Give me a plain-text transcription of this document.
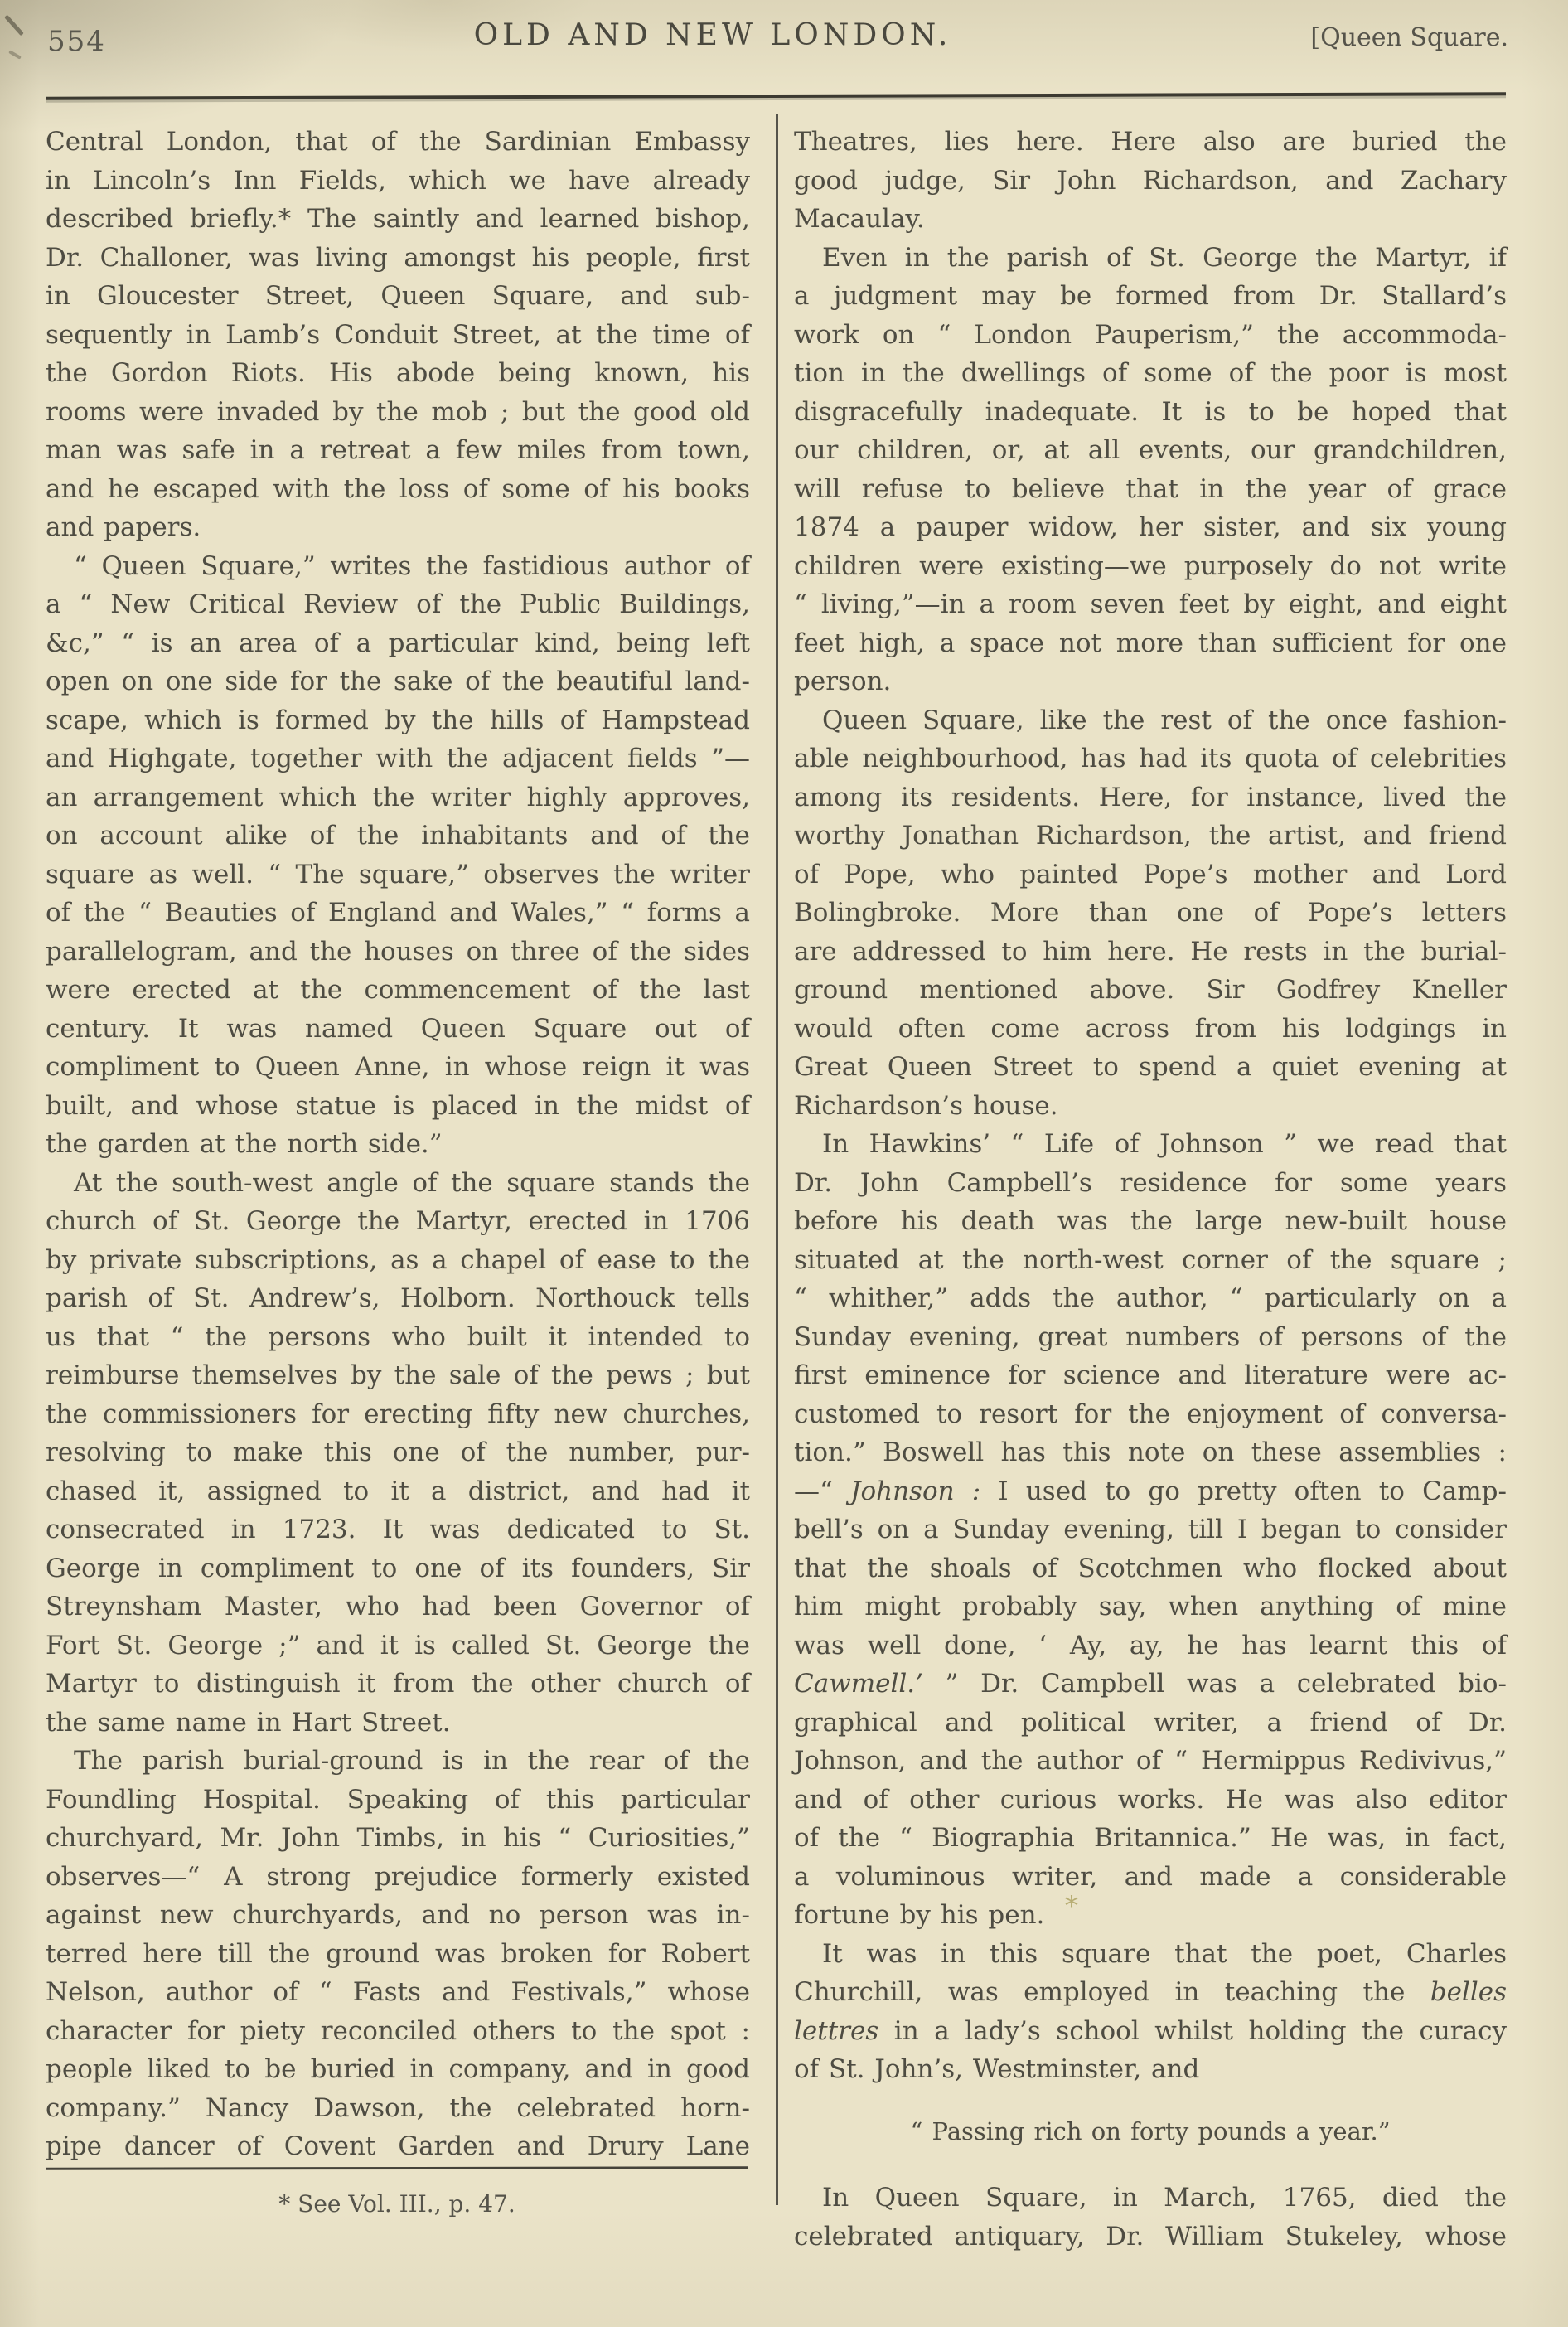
554	OLD AND NEW LONDON.	[Queen Square.
Central London, that of the Sardinian Embassy
in Lincoln’s Inn Fields, which we have already
described briefly.* The saintly and learned bishop,
Dr. Challoner, was living amongst his people, first
in Gloucester Street, Queen Square, and sub-
sequently in Lamb’s Conduit Street, at the time of
the Gordon Riots. His abode being known, his
rooms were invaded by the mob ; but the good old
man was safe in a retreat a few miles from town,
and he escaped with the loss of some of his books
and papers.
“ Queen Square,” writes the fastidious author of
a “ New Critical Review of the Public Buildings,
&c,” “ is an area of a particular kind, being left
open on one side for the sake of the beautiful land-
scape, which is formed by the hills of Hampstead
and Highgate, together with the adjacent fields ”—
an arrangement which the writer highly approves,
on account alike of the inhabitants and of the
square as well. “ The square,” observes the writer
of the “ Beauties of England and Wales,” “ forms a
parallelogram, and the houses on three of the sides
were erected at the commencement of the last
century. It was named Queen Square out of
compliment to Queen Anne, in whose reign it was
built, and whose statue is placed in the midst of
the garden at the north side.”
At the south-west angle of the square stands the
church of St. George the Martyr, erected in 1706
by private subscriptions, as a chapel of ease to the
parish of St. Andrew’s, Holborn. Northouck tells
us that “ the persons who built it intended to
reimburse themselves by the sale of the pews ; but
the commissioners for erecting fifty new churches,
resolving to make this one of the number, pur-
chased it, assigned to it a district, and had it
consecrated in 1723. It was dedicated to St.
George in compliment to one of its founders, Sir
Streynsham Master, who had been Governor of
Fort St. George ;” and it is called St. George the
Martyr to distinguish it from the other church of
the same name in Hart Street.
The parish burial-ground is in the rear of the
Foundling Hospital. Speaking of this particular
churchyard, Mr. John Timbs, in his “ Curiosities,”
observes—“ A strong prejudice formerly existed
against new churchyards, and no person was in-
terred here till the ground was broken for Robert
Nelson, author of “ Fasts and Festivals,” whose
character for piety reconciled others to the spot :
people liked to be buried in company, and in good
company.” Nancy Dawson, the celebrated horn-
pipe dancer of Covent Garden and Drury Lane
Theatres, lies here. Here also are buried the
good judge, Sir John Richardson, and Zachary
Macaulay.
Even in the parish of St. George the Martyr, if
a judgment may be formed from Dr. Stallard’s
work on “ London Pauperism,” the accommoda-
tion in the dwellings of some of the poor is most
disgracefully inadequate. It is to be hoped that
our children, or, at all events, our grandchildren,
will refuse to believe that in the year of grace
1874 a pauper widow, her sister, and six young
children were existing—we purposely do not write
“ living,”—in a room seven feet by eight, and eight
feet high, a space not more than sufficient for one
person.
Queen Square, like the rest of the once fashion-
able neighbourhood, has had its quota of celebrities
among its residents. Here, for instance, lived the
worthy Jonathan Richardson, the artist, and friend
of Pope, who painted Pope’s mother and Lord
Bolingbroke. More than one of Pope’s letters
are addressed to him here. He rests in the burial-
ground mentioned above. Sir Godfrey Kneller
would often come across from his lodgings in
Great Queen Street to spend a quiet evening at
Richardson’s house.
In Hawkins’ “ Life of Johnson ” we read that
Dr. John Campbell’s residence for some years
before his death was the large new-built house
situated at the north-west corner of the square ;
“ whither,” adds the author, “ particularly on a
Sunday evening, great numbers of persons of the
first eminence for science and literature were ac-
customed to resort for the enjoyment of conversa-
tion.” Boswell has this note on these assemblies :
—“ Johnson : I used to go pretty often to Camp-
bell’s on a Sunday evening, till I began to consider
that the shoals of Scotchmen who flocked about
him might probably say, when anything of mine
was well done, ‘ Ay, ay, he has learnt this of
Cawmell.’ ” Dr. Campbell was a celebrated bio-
graphical and political writer, a friend of Dr.
Johnson, and the author of “ Hermippus Redivivus,”
and of other curious works. He was also editor
of the “ Biographia Britannica.” He was, in fact,
a voluminous writer, and made a considerable
fortune by his pen.
It was in this square that the poet, Charles
Churchill, was employed in teaching the belles
lettres in a lady’s school whilst holding the curacy
of St. John’s, Westminster, and
“ Passing rich on forty pounds a year.”
In Queen Square, in March, 1765, died the
celebrated antiquary, Dr. William Stukeley, whose
*
* See Vol. III., p. 47.
